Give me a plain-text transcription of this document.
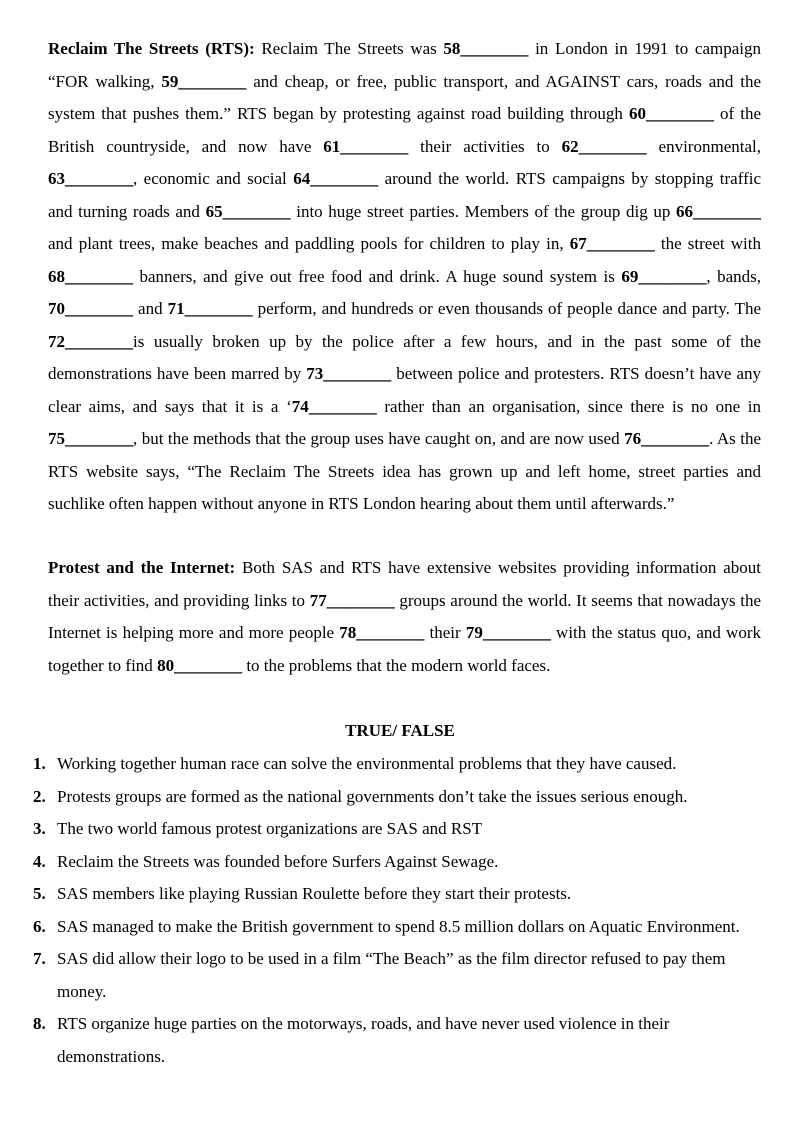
Reclaim The Streets (RTS): Reclaim The Streets was 58________ in London in 1991 to campaign “FOR walking, 59________ and cheap, or free, public transport, and AGAINST cars, roads and the system that pushes them.” RTS began by protesting against road building through 60________ of the British countryside, and now have 61________ their activities to 62________ environmental, 63________, economic and social 64________ around the world. RTS campaigns by stopping traffic and turning roads and 65________ into huge street parties. Members of the group dig up 66________ and plant trees, make beaches and paddling pools for children to play in, 67________ the street with 68________ banners, and give out free food and drink. A huge sound system is 69________, bands, 70________ and 71________ perform, and hundreds or even thousands of people dance and party. The 72________is usually broken up by the police after a few hours, and in the past some of the demonstrations have been marred by 73________ between police and protesters. RTS doesn’t have any clear aims, and says that it is a ‘74________ rather than an organisation, since there is no one in 75________, but the methods that the group uses have caught on, and are now used 76________. As the RTS website says, “The Reclaim The Streets idea has grown up and left home, street parties and suchlike often happen without anyone in RTS London hearing about them until afterwards.”

Protest and the Internet: Both SAS and RTS have extensive websites providing information about their activities, and providing links to 77________ groups around the world. It seems that nowadays the Internet is helping more and more people 78________ their 79________ with the status quo, and work together to find 80________ to the problems that the modern world faces.

TRUE/ FALSE

1. Working together human race can solve the environmental problems that they have caused.
2. Protests groups are formed as the national governments don’t take the issues serious enough.
3. The two world famous protest organizations are SAS and RST
4. Reclaim the Streets was founded before Surfers Against Sewage.
5. SAS members like playing Russian Roulette before they start their protests.
6. SAS managed to make the British government to spend 8.5 million dollars on Aquatic Environment.
7. SAS did allow their logo to be used in a film “The Beach” as the film director refused to pay them money.
8. RTS organize huge parties on the motorways, roads, and have never used violence in their demonstrations.
